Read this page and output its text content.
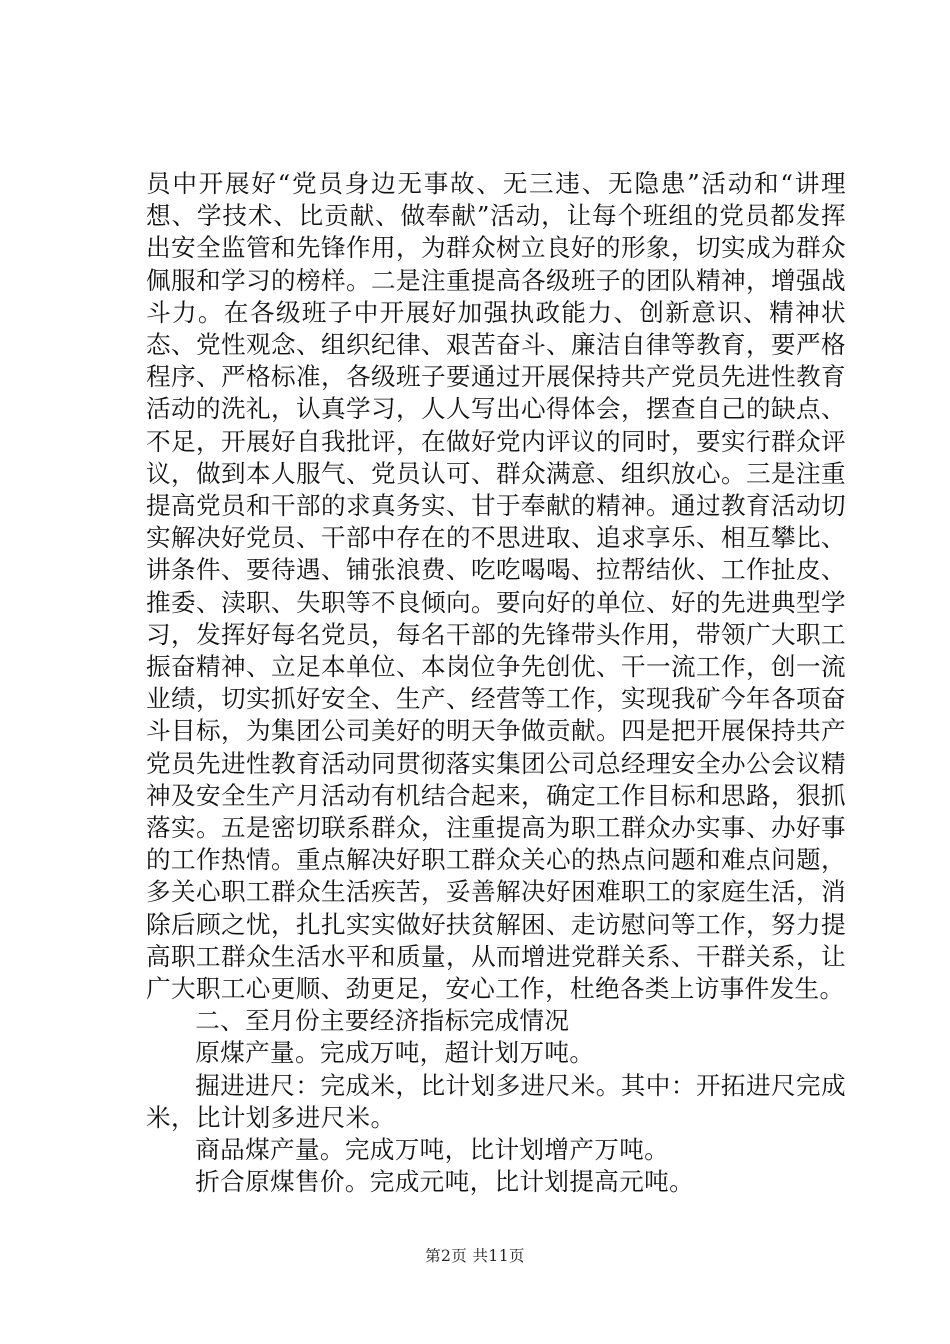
员中开展好“党员身边无事故、无三违、无隐患”活动和“讲理想、学技术、比贡献、做奉献”活动，让每个班组的党员都发挥出安全监管和先锋作用，为群众树立良好的形象，切实成为群众佩服和学习的榜样。二是注重提高各级班子的团队精神，增强战斗力。在各级班子中开展好加强执政能力、创新意识、精神状态、党性观念、组织纪律、艰苦奋斗、廉洁自律等教育，要严格程序、严格标准，各级班子要通过开展保持共产党员先进性教育活动的洗礼，认真学习，人人写出心得体会，摆查自己的缺点、不足，开展好自我批评，在做好党内评议的同时，要实行群众评议，做到本人服气、党员认可、群众满意、组织放心。三是注重提高党员和干部的求真务实、甘于奉献的精神。通过教育活动切实解决好党员、干部中存在的不思进取、追求享乐、相互攀比、讲条件、要待遇、铺张浪费、吃吃喝喝、拉帮结伙、工作扯皮、推委、渎职、失职等不良倾向。要向好的单位、好的先进典型学习，发挥好每名党员，每名干部的先锋带头作用，带领广大职工振奋精神、立足本单位、本岗位争先创优、干一流工作，创一流业绩，切实抓好安全、生产、经营等工作，实现我矿今年各项奋斗目标，为集团公司美好的明天争做贡献。四是把开展保持共产党员先进性教育活动同贯彻落实集团公司总经理安全办公会议精神及安全生产月活动有机结合起来，确定工作目标和思路，狠抓落实。五是密切联系群众，注重提高为职工群众办实事、办好事的工作热情。重点解决好职工群众关心的热点问题和难点问题，多关心职工群众生活疾苦，妥善解决好困难职工的家庭生活，消除后顾之忧，扎扎实实做好扶贫解困、走访慰问等工作，努力提高职工群众生活水平和质量，从而增进党群关系、干群关系，让广大职工心更顺、劲更足，安心工作，杜绝各类上访事件发生。

二、至月份主要经济指标完成情况

原煤产量。完成万吨，超计划万吨。

掘进进尺：完成米，比计划多进尺米。其中：开拓进尺完成米，比计划多进尺米。

商品煤产量。完成万吨，比计划增产万吨。

折合原煤售价。完成元吨，比计划提高元吨。

第2页 共11页
